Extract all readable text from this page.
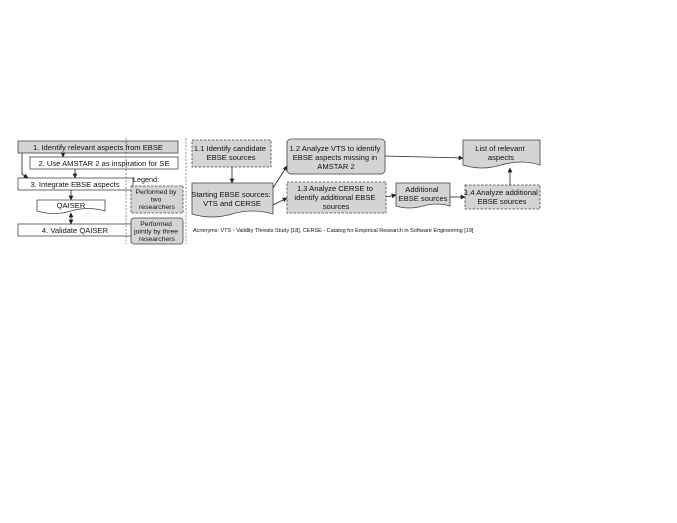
1. Identify relevant aspects from EBSE
2. Use AMSTAR 2 as inspiration for SE
3. Integrate EBSE aspects
QAISER
4. Validate QAISER
Legend:
Performed by two researchers
Performed jointly by three researchers
1.1 Identify candidate EBSE sources
Starting EBSE sources: VTS and CERSE
1.2 Analyze VTS to identify EBSE aspects missing in AMSTAR 2
1.3 Analyze CERSE to identify additional EBSE sources
Additional EBSE sources
1.4 Analyze additional EBSE sources
List of relevant aspects
Acronyms: VTS - Validity Threats Study [18], CERSE - Catalog for Empirical Research in Software Engineering [19]
